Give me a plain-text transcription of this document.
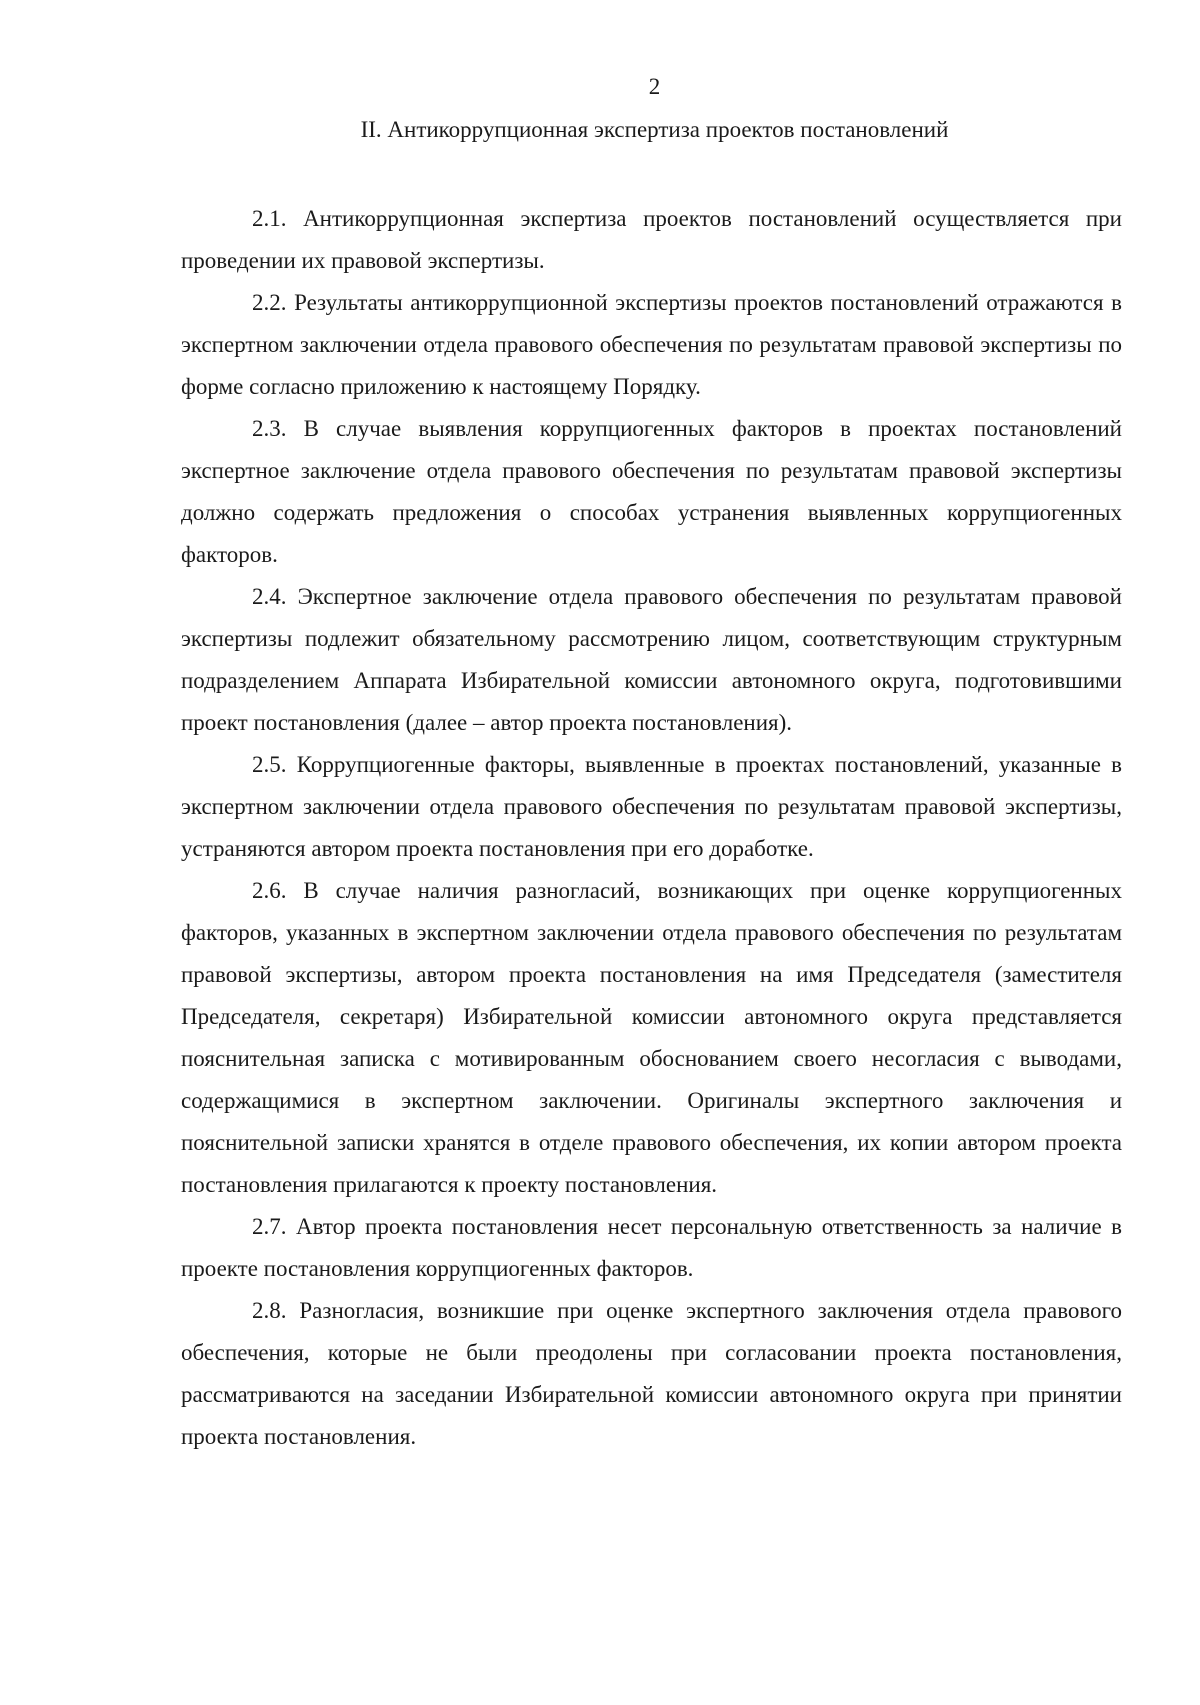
2
II. Антикоррупционная экспертиза проектов постановлений

2.1. Антикоррупционная экспертиза проектов постановлений осуществляется при проведении их правовой экспертизы.

2.2. Результаты антикоррупционной экспертизы проектов постановлений отражаются в экспертном заключении отдела правового обеспечения по результатам правовой экспертизы по форме согласно приложению к настоящему Порядку.

2.3. В случае выявления коррупциогенных факторов в проектах постановлений экспертное заключение отдела правового обеспечения по результатам правовой экспертизы должно содержать предложения о способах устранения выявленных коррупциогенных факторов.

2.4. Экспертное заключение отдела правового обеспечения по результатам правовой экспертизы подлежит обязательному рассмотрению лицом, соответствующим структурным подразделением Аппарата Избирательной комиссии автономного округа, подготовившими проект постановления (далее – автор проекта постановления).

2.5. Коррупциогенные факторы, выявленные в проектах постановлений, указанные в экспертном заключении отдела правового обеспечения по результатам правовой экспертизы, устраняются автором проекта постановления при его доработке.

2.6. В случае наличия разногласий, возникающих при оценке коррупциогенных факторов, указанных в экспертном заключении отдела правового обеспечения по результатам правовой экспертизы, автором проекта постановления на имя Председателя (заместителя Председателя, секретаря) Избирательной комиссии автономного округа представляется пояснительная записка с мотивированным обоснованием своего несогласия с выводами, содержащимися в экспертном заключении. Оригиналы экспертного заключения и пояснительной записки хранятся в отделе правового обеспечения, их копии автором проекта постановления прилагаются к проекту постановления.

2.7. Автор проекта постановления несет персональную ответственность за наличие в проекте постановления коррупциогенных факторов.

2.8. Разногласия, возникшие при оценке экспертного заключения отдела правового обеспечения, которые не были преодолены при согласовании проекта постановления, рассматриваются на заседании Избирательной комиссии автономного округа при принятии проекта постановления.
